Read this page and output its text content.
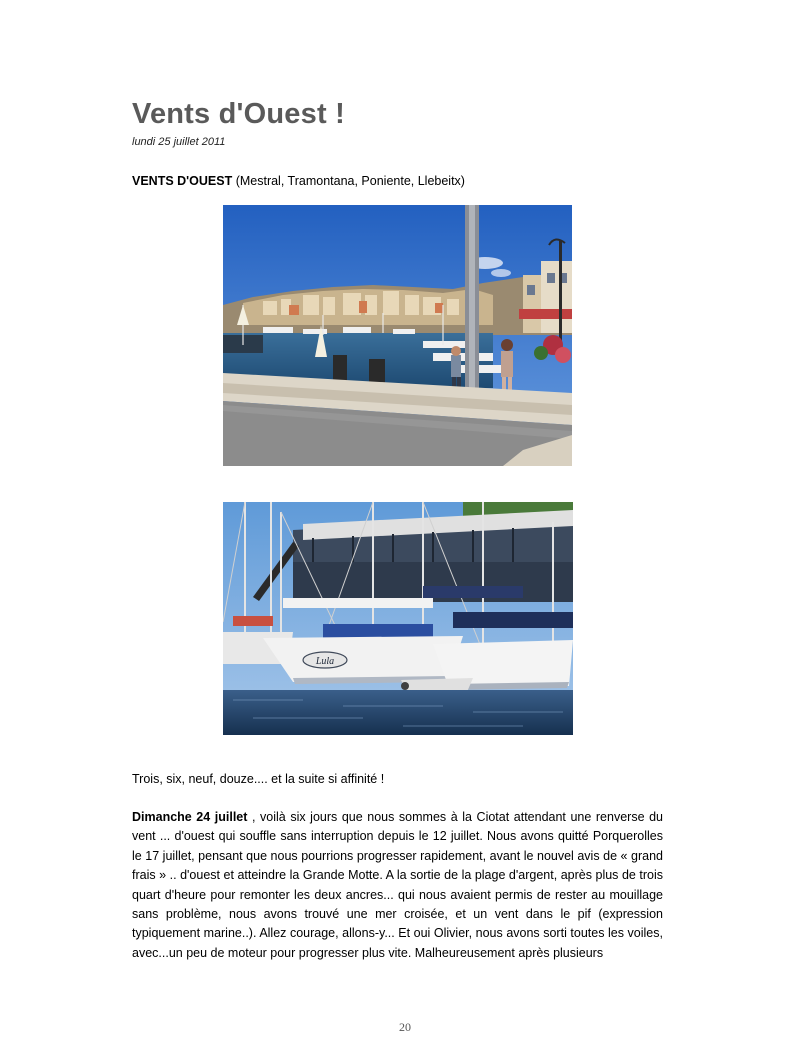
Vents d'Ouest !
lundi 25 juillet 2011
VENTS D'OUEST (Mestral, Tramontana, Poniente, Llebeitx)
Lula
Trois, six, neuf, douze.... et la suite si affinité !

Dimanche 24 juillet , voilà six jours que nous sommes à la Ciotat attendant une renverse du vent ... d'ouest qui souffle sans interruption depuis le 12 juillet. Nous avons quitté Porquerolles le 17 juillet, pensant que nous pourrions progresser rapidement, avant le nouvel avis de « grand frais » .. d'ouest et atteindre la Grande Motte. A la sortie de la plage d'argent, après plus de trois quart d'heure pour remonter les deux ancres... qui nous avaient permis de rester au mouillage sans problème, nous avons trouvé une mer croisée, et un vent dans le pif (expression typiquement marine..). Allez courage, allons-y... Et oui Olivier, nous avons sorti toutes les voiles, avec...un peu de moteur pour progresser plus vite. Malheureusement après plusieurs

20
